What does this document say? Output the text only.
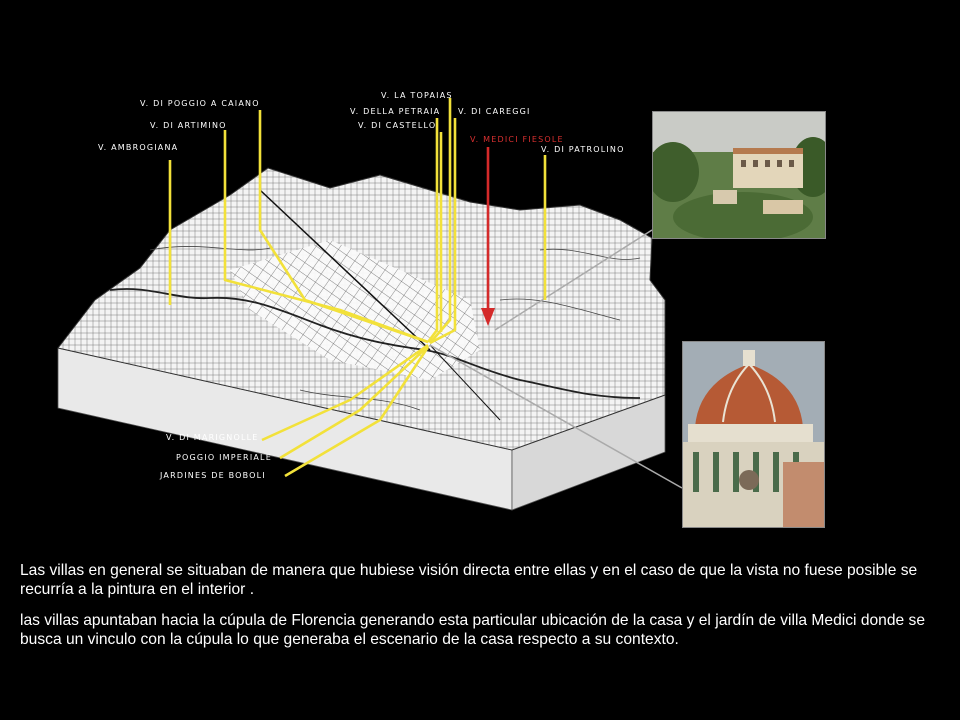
V. DI POGGIO A CAIANO
V. DI ARTIMINO
V. AMBROGIANA
V. LA TOPAIAS
V. DELLA PETRAIA V. DI CAREGGI
V. DI CASTELLO
V. MEDICI FIESOLE
V. DI PATROLINO
V. DI MARIGNOLLE
POGGIO IMPERIALE
JARDINES DE BOBOLI
Las villas en general se situaban de manera que hubiese visión directa entre ellas y en el caso de que la vista no fuese posible se recurría a la pintura en el interior .
las villas apuntaban hacia la cúpula de Florencia generando esta particular ubicación de la casa y el jardín de villa Medici donde se busca un vinculo con la cúpula lo que generaba el escenario de la casa respecto a su contexto.
